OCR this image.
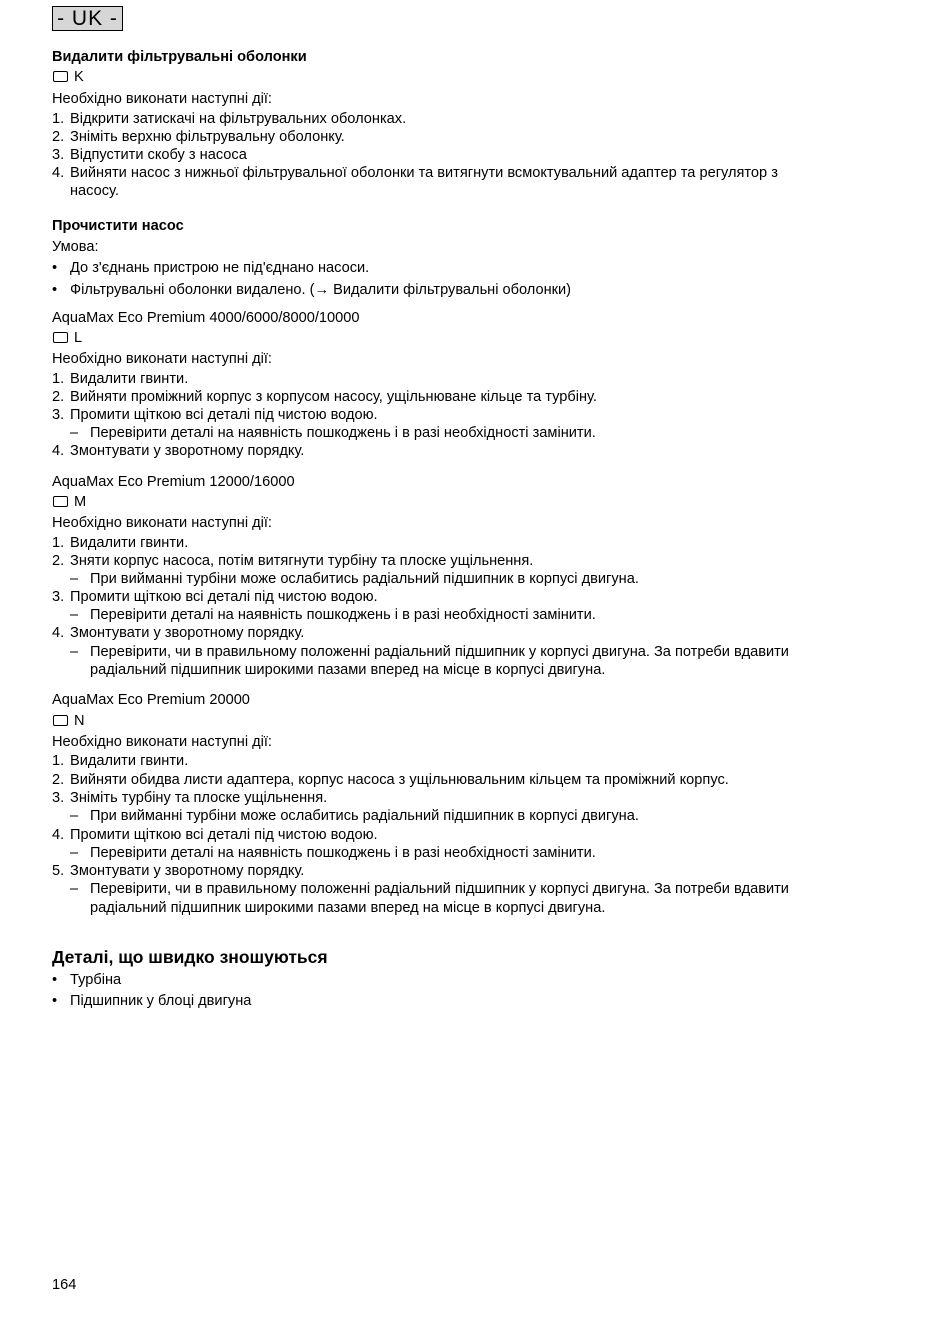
- UK -
Видалити фільтрувальні оболонки
K
Необхідно виконати наступні дії:
1. Відкрити затискачі на фільтрувальних оболонках.
2. Зніміть верхню фільтрувальну оболонку.
3. Відпустити скобу з насоса
4. Вийняти насос з нижньої фільтрувальної оболонки та витягнути всмоктувальний адаптер та регулятор з
насосу.
Прочистити насос
Умова:
• До з'єднань пристрою не під'єднано насоси.
• Фільтрувальні оболонки видалено. (→ Видалити фільтрувальні оболонки)
AquaMax Eco Premium 4000/6000/8000/10000
L
Необхідно виконати наступні дії:
1. Видалити гвинти.
2. Вийняти проміжний корпус з корпусом насосу, ущільнюване кільце та турбіну.
3. Промити щіткою всі деталі під чистою водою.
– Перевірити деталі на наявність пошкоджень і в разі необхідності замінити.
4. Змонтувати у зворотному порядку.
AquaMax Eco Premium 12000/16000
M
Необхідно виконати наступні дії:
1. Видалити гвинти.
2. Зняти корпус насоса, потім витягнути турбіну та плоске ущільнення.
– При вийманні турбіни може ослабитись радіальний підшипник в корпусі двигуна.
3. Промити щіткою всі деталі під чистою водою.
– Перевірити деталі на наявність пошкоджень і в разі необхідності замінити.
4. Змонтувати у зворотному порядку.
– Перевірити, чи в правильному положенні радіальний підшипник у корпусі двигуна. За потреби вдавити
радіальний підшипник широкими пазами вперед на місце в корпусі двигуна.
AquaMax Eco Premium 20000
N
Необхідно виконати наступні дії:
1. Видалити гвинти.
2. Вийняти обидва листи адаптера, корпус насоса з ущільнювальним кільцем та проміжний корпус.
3. Зніміть турбіну та плоске ущільнення.
– При вийманні турбіни може ослабитись радіальний підшипник в корпусі двигуна.
4. Промити щіткою всі деталі під чистою водою.
– Перевірити деталі на наявність пошкоджень і в разі необхідності замінити.
5. Змонтувати у зворотному порядку.
– Перевірити, чи в правильному положенні радіальний підшипник у корпусі двигуна. За потреби вдавити
радіальний підшипник широкими пазами вперед на місце в корпусі двигуна.
Деталі, що швидко зношуються
• Турбіна
• Підшипник у блоці двигуна
164
